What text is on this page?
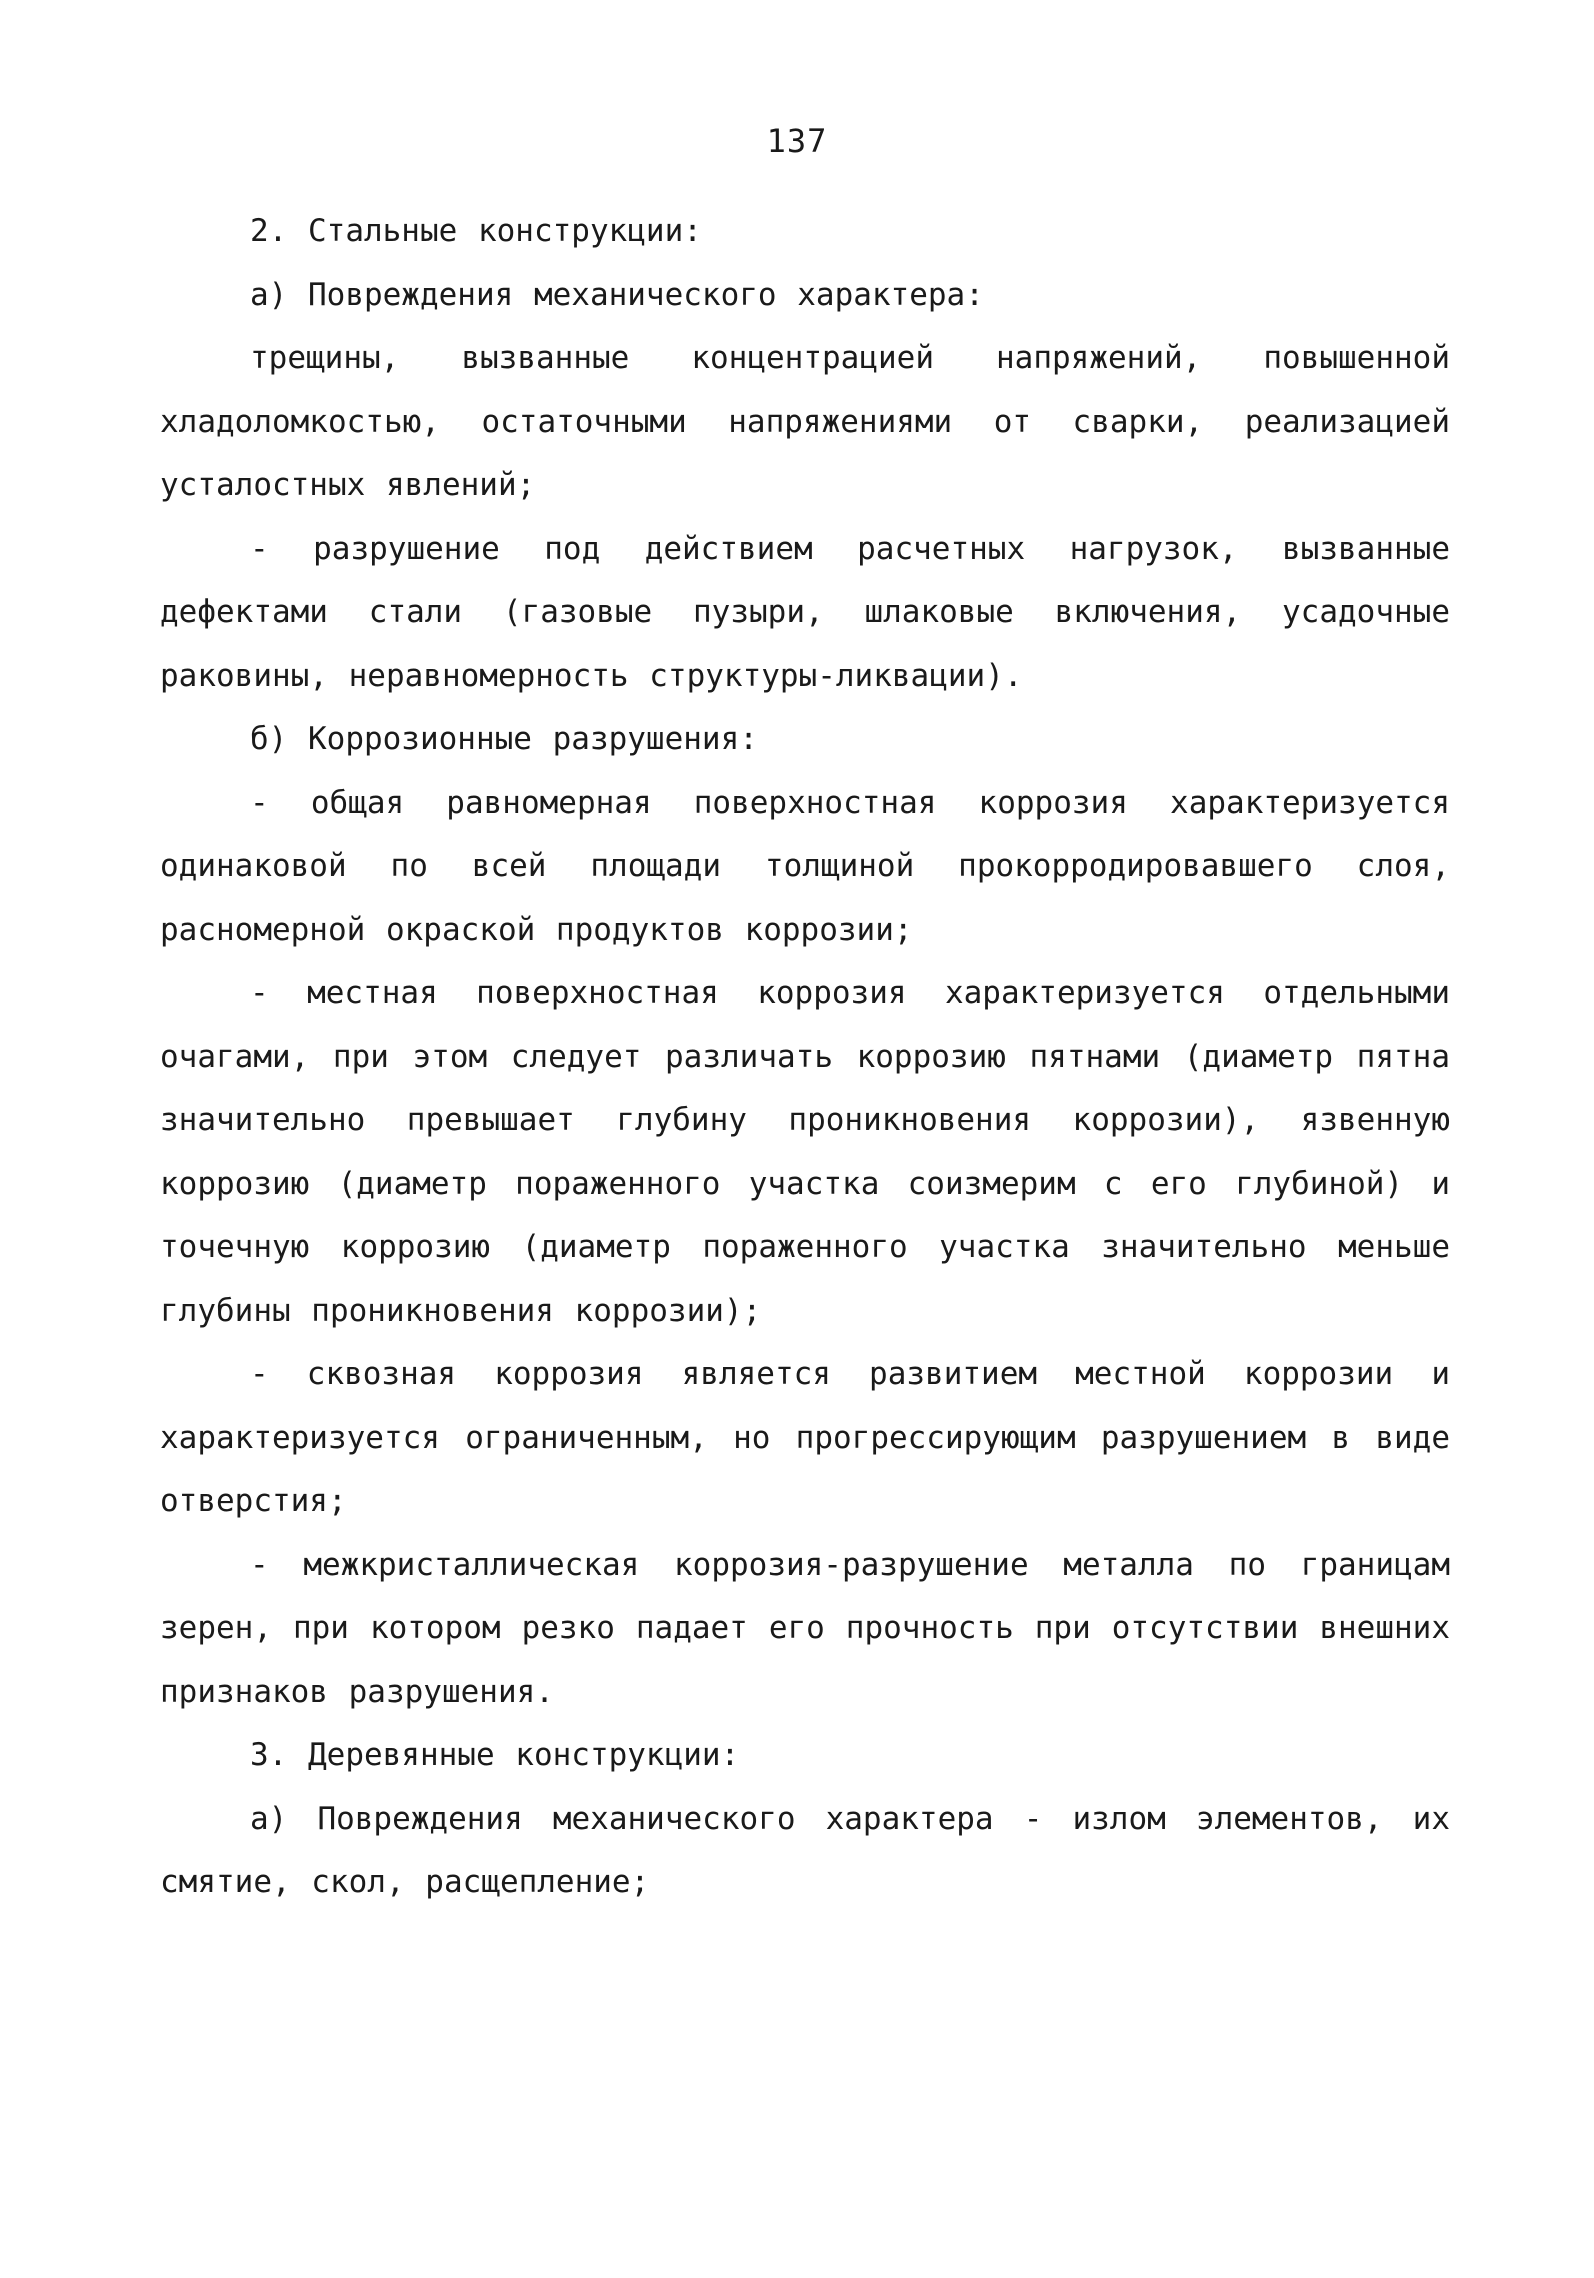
137

2. Стальные конструкции:

а) Повреждения механического характера:

трещины, вызванные концентрацией напряжений, повышенной хладоломкостью, остаточными напряжениями от сварки, реализацией усталостных явлений;

- разрушение под действием расчетных нагрузок, вызванные дефектами стали (газовые пузыри, шлаковые включения, усадочные раковины, неравномерность структуры-ликвации).

б) Коррозионные разрушения:

- общая равномерная поверхностная коррозия характеризуется одинаковой по всей площади толщиной прокорродировавшего слоя, расномерной окраской продуктов коррозии;

- местная поверхностная коррозия характеризуется отдельными очагами, при этом следует различать коррозию пятнами (диаметр пятна значительно превышает глубину проникновения коррозии), язвенную коррозию (диаметр пораженного участка соизмерим с его глубиной) и точечную коррозию (диаметр пораженного участка значительно меньше глубины проникновения коррозии);

- сквозная коррозия является развитием местной коррозии и характеризуется ограниченным, но прогрессирующим разрушением в виде отверстия;

- межкристаллическая коррозия-разрушение металла по границам зерен, при котором резко падает его прочность при отсутствии внешних признаков разрушения.

3. Деревянные конструкции:

а) Повреждения механического характера - излом элементов, их смятие, скол, расщепление;
